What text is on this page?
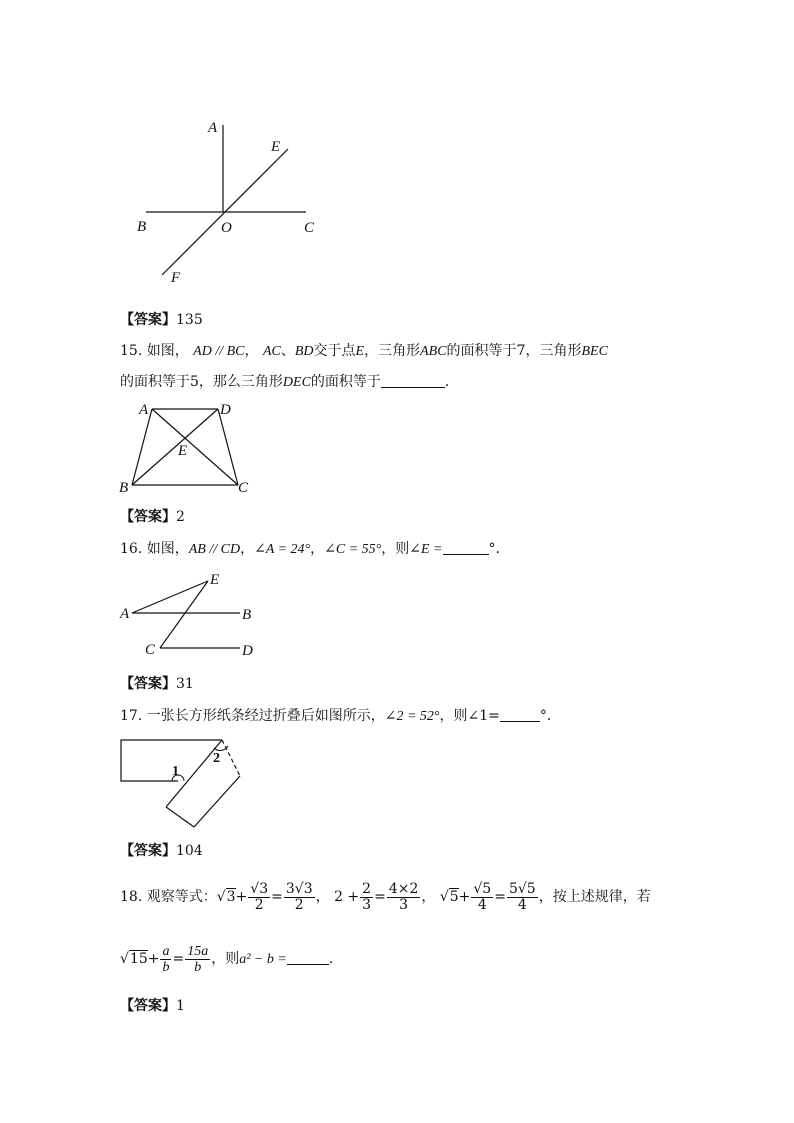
A
E
B	O	C
F
【答案】135
15. 如图， AD // BC， AC、BD交于点E，三角形ABC的面积等于7，三角形BEC
的面积等于5，那么三角形DEC的面积等于	．
A	D
E
B	C
【答案】2
16. 如图，AB // CD，∠A = 24°，∠C = 55°，则∠E =	°．
E
A	B
C	D
【答案】31
17. 一张长方形纸条经过折叠后如图所示，∠2 = 52°，则∠1=	°．
1
2
【答案】104
18. 观察等式：$√3+ \frac{√3}{2} = \frac{3√3}{2}$ ， $2 + \frac{2}{3} = \frac{4\times 2}{3}$ ， $√5+ \frac{√5}{4} = \frac{5√5}{4}$ ，按上述规律，若
$√15+ \frac{a}{b} = \frac{15a}{b}$ ，则a² − b =	．
【答案】1
